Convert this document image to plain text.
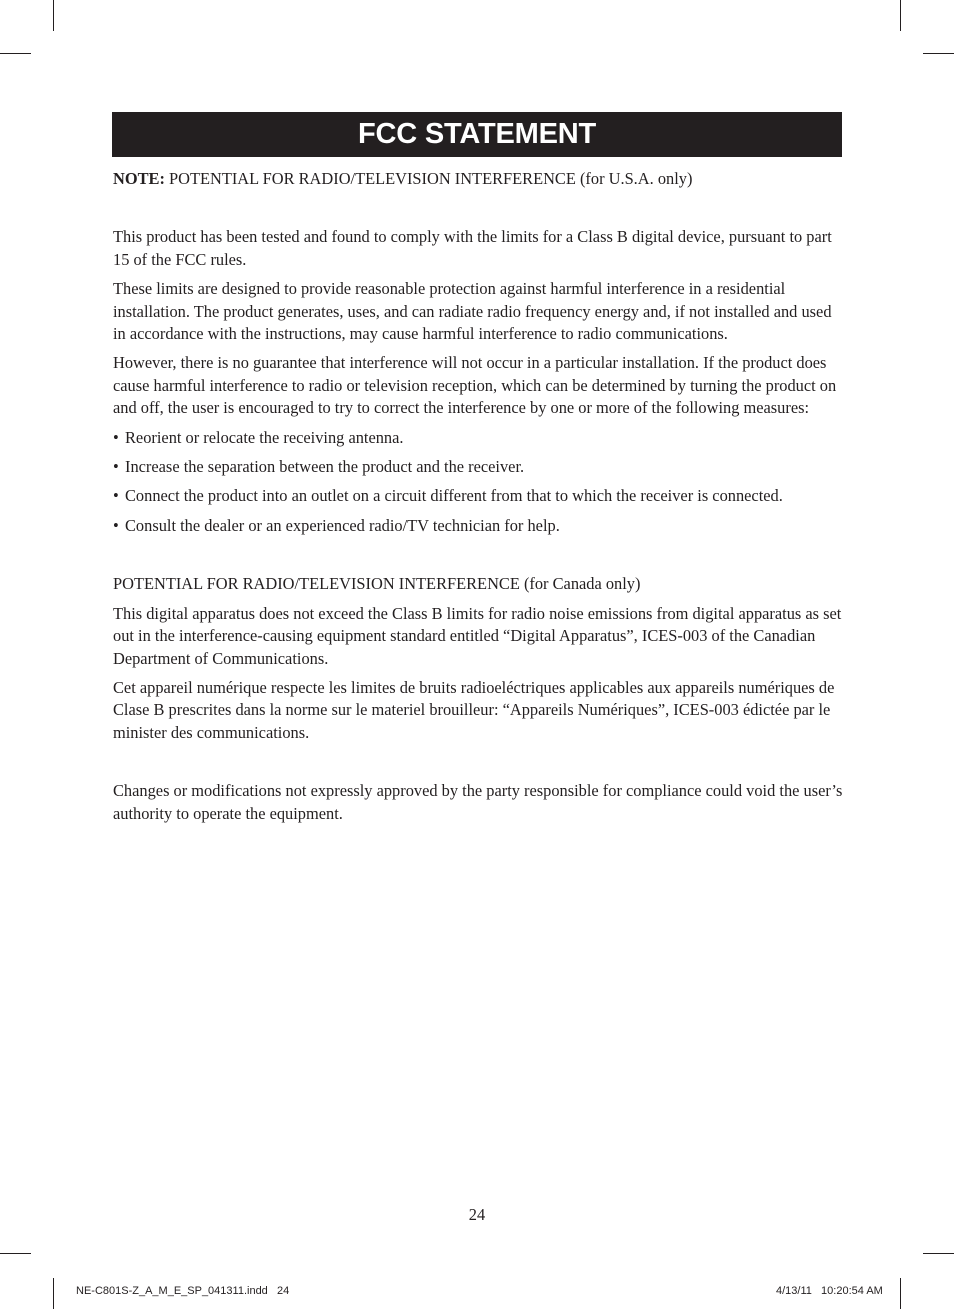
FCC STATEMENT

NOTE: POTENTIAL FOR RADIO/TELEVISION INTERFERENCE (for U.S.A. only)

This product has been tested and found to comply with the limits for a Class B digital device, pursuant to part 15 of the FCC rules.

These limits are designed to provide reasonable protection against harmful interference in a residential installation. The product generates, uses, and can radiate radio frequency energy and, if not installed and used in accordance with the instructions, may cause harmful interference to radio communications.

However, there is no guarantee that interference will not occur in a particular installation. If the product does cause harmful interference to radio or television reception, which can be determined by turning the product on and off, the user is encouraged to try to correct the interference by one or more of the following measures:

• Reorient or relocate the receiving antenna.
• Increase the separation between the product and the receiver.
• Connect the product into an outlet on a circuit different from that to which the receiver is connected.
• Consult the dealer or an experienced radio/TV technician for help.

POTENTIAL FOR RADIO/TELEVISION INTERFERENCE (for Canada only)

This digital apparatus does not exceed the Class B limits for radio noise emissions from digital apparatus as set out in the interference-causing equipment standard entitled “Digital Apparatus”, ICES-003 of the Canadian Department of Communications.

Cet appareil numérique respecte les limites de bruits radioeléctriques applicables aux appareils numériques de Clase B prescrites dans la norme sur le materiel brouilleur: “Appareils Numériques”, ICES-003 édictée par le minister des communications.

Changes or modifications not expressly approved by the party responsible for compliance could void the user’s authority to operate the equipment.

24
NE-C801S-Z_A_M_E_SP_041311.indd   24	4/13/11   10:20:54 AM
